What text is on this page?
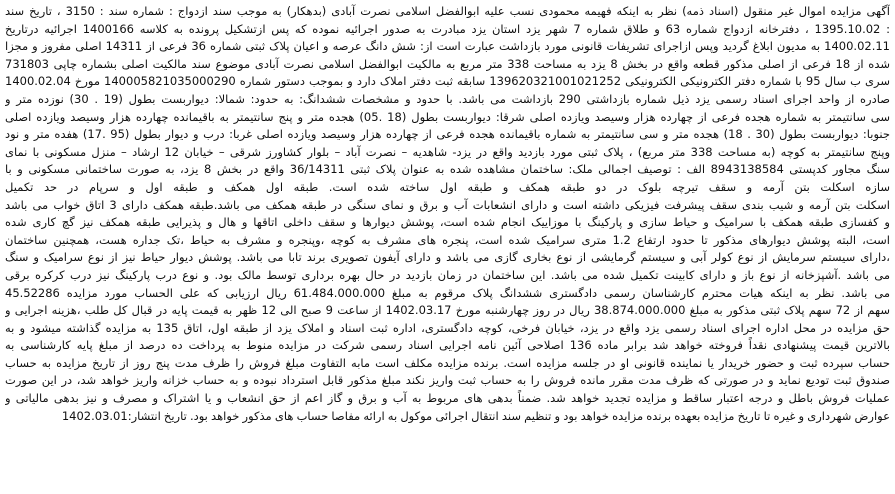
آگهی مزایده اموال غیر منقول (اسناد ذمه) نظر به اینکه فهیمه محمودی نسب علیه ابوالفضل اسلامی نصرت آبادی (بدهکار) به موجب سند ازدواج : شماره سند : 3150 ، تاریخ سند
: 1395.10.02 ، دفترخانه ازدواج شماره 63 و طلاق شماره 7 شهر یزد استان یزد مبادرت به صدور اجرائیه نموده که پس ازتشکیل پرونده به کلاسه 1400166 اجرائیه درتاریخ
1400.02.11 به مدیون ابلاغ گردید وپس ازاجرای تشریفات قانونی مورد بازداشت عبارت است از: شش دانگ عرصه و اعیان پلاک ثبتی شماره 36 فرعی از 14311 اصلی مفروز و مجزا
شده از 18 فرعی از اصلی مذکور قطعه واقع در بخش 8 یزد به مساحت 338 متر مربع به مالکیت ابوالفضل اسلامی نصرت آبادی موضوع سند مالکیت اصلی بشماره چاپی 731803
سری ب سال 95 با شماره دفتر الکترونیکی الکترونیکی 139620321001021252 سابقه ثبت دفتر املاک دارد و بموجب دستور شماره 140005821035000290 مورخ 1400.02.04
صادره از واحد اجرای اسناد رسمی یزد ذیل شماره بازداشتی 290 بازداشت می باشد. با حدود و مشخصات ششدانگ: به حدود: شمالا: دیواربست بطول (19 . 30) نوزده متر و
سی سانتیمتر به شماره هجده فرعی از چهارده هزار وسیصد ویازده اصلی شرقا: دیواربست بطول (18 .05) هجده متر و پنج سانتیمتر به باقیمانده چهارده هزار وسیصد ویازده اصلی
جنوبا: دیواربست بطول (30 . 18) هجده متر و سی سانتیمتر به شماره باقیمانده هجده فرعی از چهارده هزار وسیصد ویازده اصلی غربا: درب و دیوار بطول (95 .17) هفده متر و نود
وپنج سانتیمتر به کوچه (به مساحت 338 متر مربع) ، پلاک ثبتی مورد بازدید واقع در یزد- شاهدیه – نصرت آباد – بلوار کشاورز شرقی – خیابان 12 ارشاد – منزل مسکونی با نمای
سنگ مجاور کدپستی 8943138584 الف : توصیف اجمالی ملک: ساختمان مشاهده شده به عنوان پلاک ثبتی 36/14311 واقع در بخش 8 یزد، به صورت ساختمانی مسکونی و با
سازه اسکلت بتن آرمه و سقف تیرچه بلوک در دو طبقه همکف و طبقه اول ساخته شده است. طبقه اول همکف و طبقه اول و سرپام در حد تکمیل
اسکلت بتن آرمه و شیب بندی سقف پیشرفت فیزیکی داشته است و دارای انشعابات آب و برق و نمای سنگی در طبقه همکف می باشد.طبقه همکف دارای 3 اتاق خواب می باشد
و کفسازی طبقه همکف با سرامیک و حیاط سازی و پارکینگ با موزاییک انجام شده است، پوشش دیوارها و سقف داخلی اتاقها و هال و پذیرایی طبقه همکف نیز گچ کاری شده
است، البته پوشش دیوارهای مذکور تا حدود ارتفاع 1.2 متری سرامیک شده است، پنجره های مشرف به کوچه ،وپنجره و مشرف به حیاط ،تک جداره هست، همچنین ساختمان
،دارای سیستم سرمایش از نوع کولر آبی و سیستم گرمایشی از نوع بخاری گازی می باشد و دارای آیفون تصویری برند تابا می باشد. پوشش دیوار حیاط نیز از نوع سرامیک و سنگ
می باشد .آشپزخانه از نوع باز و دارای کابینت تکمیل شده می باشد. این ساختمان در زمان بازدید در حال بهره برداری توسط مالک بود. و نوع درب پارکینگ نیز درب کرکره برقی
می باشد. نظر به اینکه هیات محترم کارشناسان رسمی دادگستری ششدانگ پلاک مرقوم به مبلغ 61.484.000.000 ریال ارزیابی که علی الحساب مورد مزایده 45.52286
سهم از 72 سهم پلاک ثبتی مذکور به مبلغ 38.874.000.000 ریال در روز چهارشنبه مورخ 1402.03.17 از ساعت 9 صبح الی 12 ظهر به قیمت پایه در قبال کل طلب ،هزینه اجرایی و
حق مزایده در محل اداره اجرای اسناد رسمی یزد واقع در یزد، خیابان فرخی، کوچه دادگستری، اداره ثبت اسناد و املاک یزد از طبقه اول، اتاق 135 به مزایده گذاشته میشود و به
بالاترین قیمت پیشنهادی نقداً فروخته خواهد شد برابر ماده 136 اصلاحی آئین نامه اجرایی اسناد رسمی شرکت در مزایده منوط به پرداخت ده درصد از مبلغ پایه کارشناسی به
حساب سپرده ثبت و حضور خریدار یا نماینده قانونی او در جلسه مزایده است. برنده مزایده مکلف است مابه التفاوت مبلغ فروش را ظرف مدت پنج روز از تاریخ مزایده به حساب
صندوق ثبت تودیع نماید و در صورتی که ظرف مدت مقرر مانده فروش را به حساب ثبت واریز نکند مبلغ مذکور قابل استرداد نبوده و به حساب خزانه واریز خواهد شد، در این صورت
عملیات فروش باطل و درجه اعتبار ساقط و مزایده تجدید خواهد شد. ضمناً بدهی های مربوط به آب و برق و گاز اعم از حق انشعاب و یا اشتراک و مصرف و نیز بدهی مالیاتی و
عوارض شهرداری و غیره تا تاریخ مزایده بعهده برنده مزایده خواهد بود و تنظیم سند انتقال اجرائی موکول به ارائه مفاصا حساب های مذکور خواهد بود. تاریخ انتشار:1402.03.01
